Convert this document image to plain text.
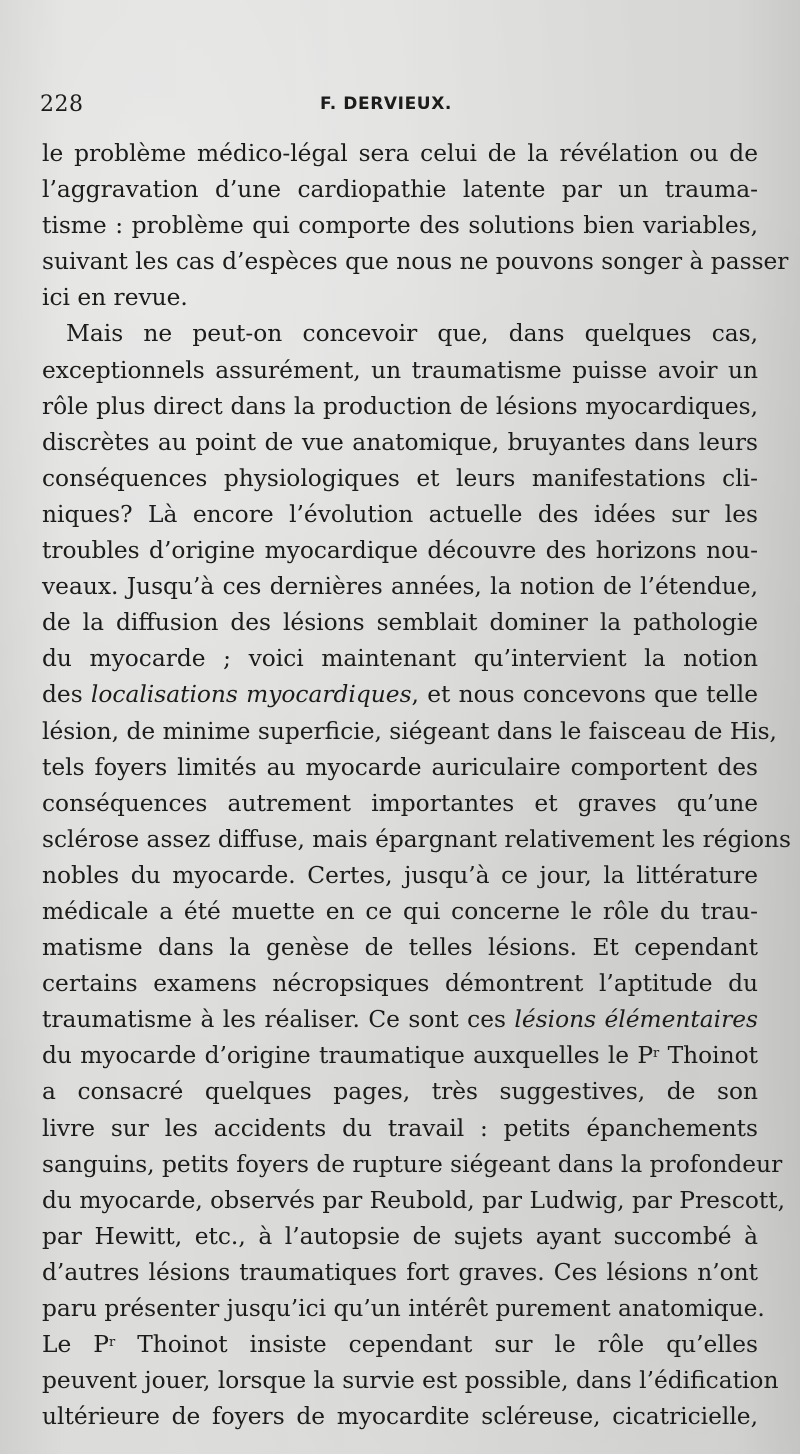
228	F. DERVIEUX.
le problème médico-légal sera celui de la révélation ou de
l’aggravation d’une cardiopathie latente par un trauma-
tisme : problème qui comporte des solutions bien variables,
suivant les cas d’espèces que nous ne pouvons songer à passer
ici en revue.
Mais ne peut-on concevoir que, dans quelques cas,
exceptionnels assurément, un traumatisme puisse avoir un
rôle plus direct dans la production de lésions myocardiques,
discrètes au point de vue anatomique, bruyantes dans leurs
conséquences physiologiques et leurs manifestations cli-
niques? Là encore l’évolution actuelle des idées sur les
troubles d’origine myocardique découvre des horizons nou-
veaux. Jusqu’à ces dernières années, la notion de l’étendue,
de la diffusion des lésions semblait dominer la pathologie
du myocarde ; voici maintenant qu’intervient la notion
des localisations myocardiques, et nous concevons que telle
lésion, de minime superficie, siégeant dans le faisceau de His,
tels foyers limités au myocarde auriculaire comportent des
conséquences autrement importantes et graves qu’une
sclérose assez diffuse, mais épargnant relativement les régions
nobles du myocarde. Certes, jusqu’à ce jour, la littérature
médicale a été muette en ce qui concerne le rôle du trau-
matisme dans la genèse de telles lésions. Et cependant
certains examens nécropsiques démontrent l’aptitude du
traumatisme à les réaliser. Ce sont ces lésions élémentaires
du myocarde d’origine traumatique auxquelles le $P^r$ Thoinot
a consacré quelques pages, très suggestives, de son
livre sur les accidents du travail : petits épanchements
sanguins, petits foyers de rupture siégeant dans la profondeur
du myocarde, observés par Reubold, par Ludwig, par Prescott,
par Hewitt, etc., à l’autopsie de sujets ayant succombé à
d’autres lésions traumatiques fort graves. Ces lésions n’ont
paru présenter jusqu’ici qu’un intérêt purement anatomique.
Le $P^r$ Thoinot insiste cependant sur le rôle qu’elles
peuvent jouer, lorsque la survie est possible, dans l’édification
ultérieure de foyers de myocardite scléreuse, cicatricielle,
